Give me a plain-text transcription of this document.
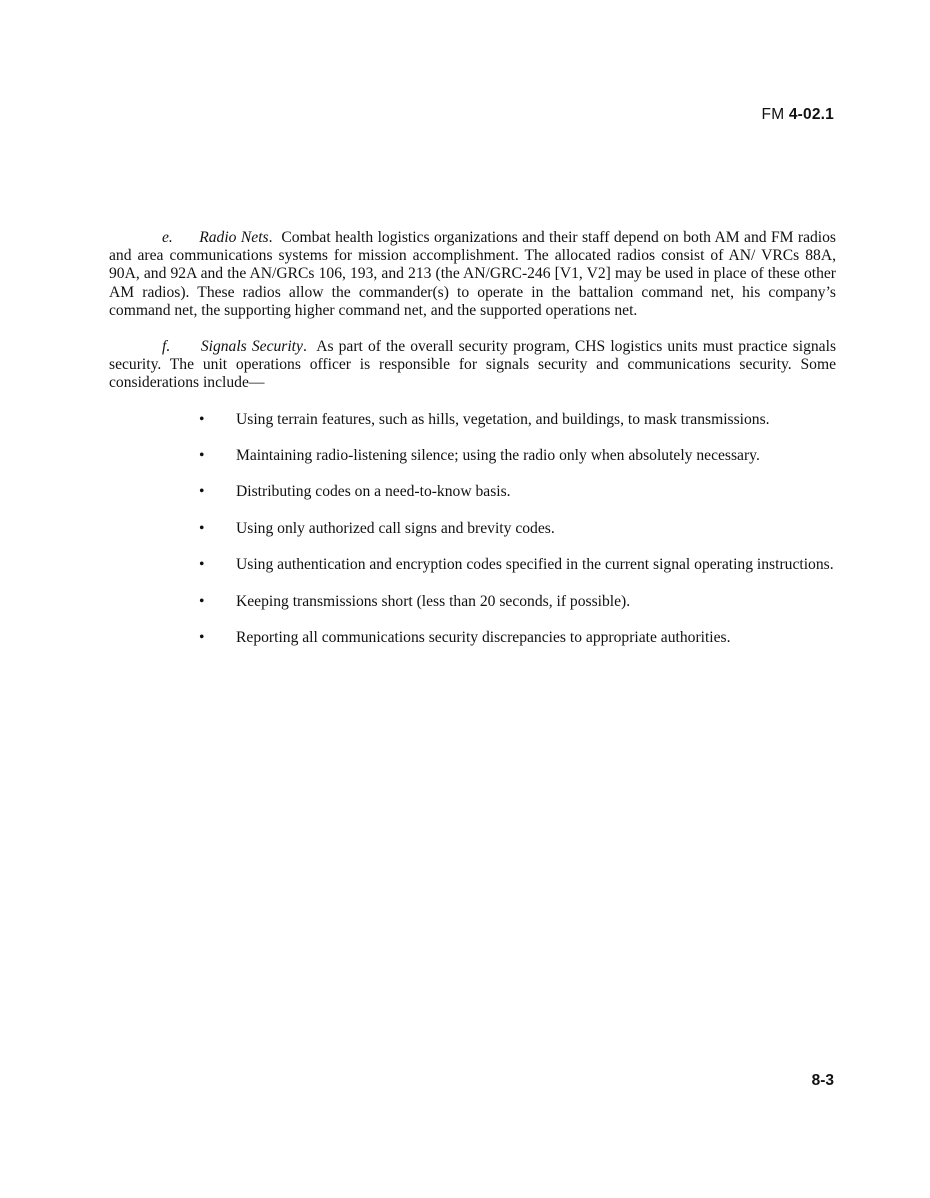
FM 4-02.1

e. Radio Nets.  Combat health logistics organizations and their staff depend on both AM and FM radios and area communications systems for mission accomplishment. The allocated radios consist of AN/ VRCs 88A, 90A, and 92A and the AN/GRCs 106, 193, and 213 (the AN/GRC-246 [V1, V2] may be used in place of these other AM radios). These radios allow the commander(s) to operate in the battalion command net, his company’s command net, the supporting higher command net, and the supported operations net.

f. Signals Security.  As part of the overall security program, CHS logistics units must practice signals security. The unit operations officer is responsible for signals security and communications security. Some considerations include—

• Using terrain features, such as hills, vegetation, and buildings, to mask transmissions.
• Maintaining radio-listening silence; using the radio only when absolutely necessary.
• Distributing codes on a need-to-know basis.
• Using only authorized call signs and brevity codes.
• Using authentication and encryption codes specified in the current signal operating instructions.
• Keeping transmissions short (less than 20 seconds, if possible).
• Reporting all communications security discrepancies to appropriate authorities.
8-3
